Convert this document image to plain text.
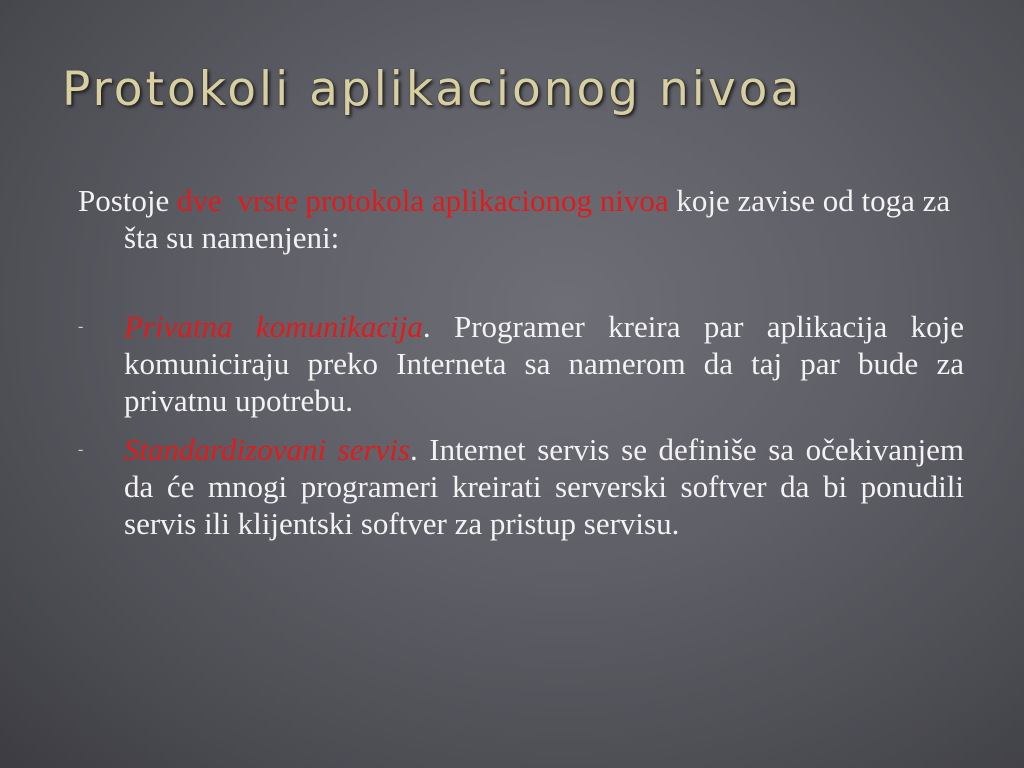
Protokoli aplikacionog nivoa

Postoje dve vrste protokola aplikacionog nivoa koje zavise od toga za šta su namenjeni:

- Privatna komunikacija. Programer kreira par aplikacija koje komuniciraju preko Interneta sa namerom da taj par bude za privatnu upotrebu.

- Standardizovani servis. Internet servis se definiše sa očekivanjem da će mnogi programeri kreirati serverski softver da bi ponudili servis ili klijentski softver za pristup servisu.
